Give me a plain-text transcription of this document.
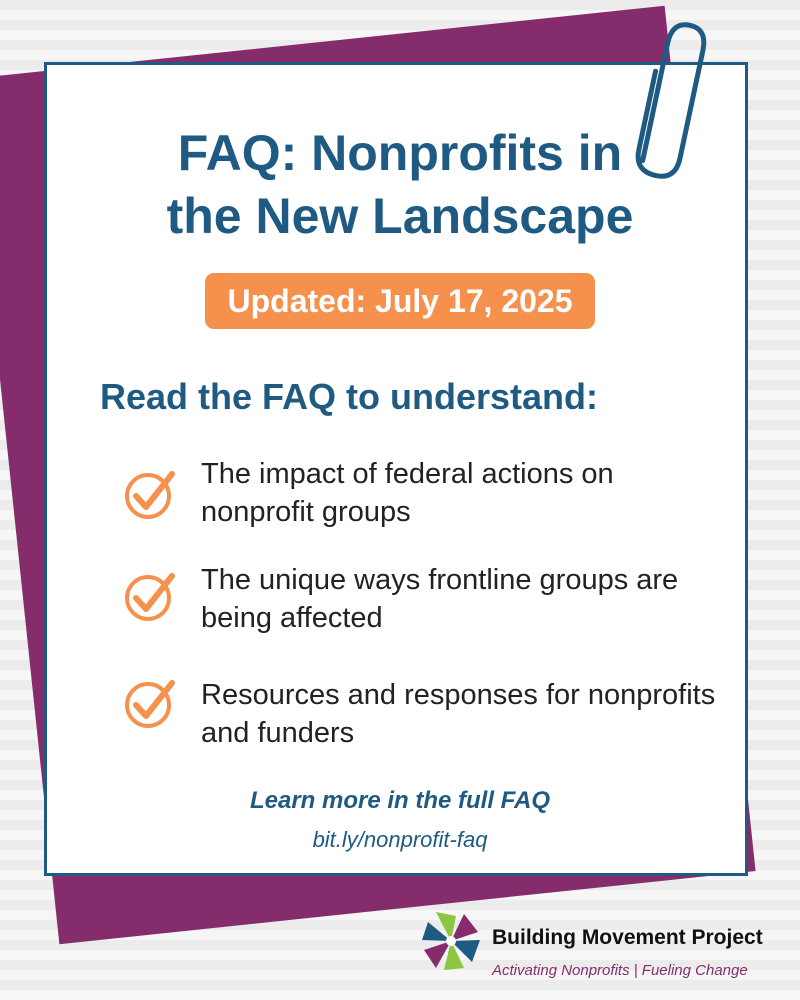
FAQ: Nonprofits in
the New Landscape
Updated: July 17, 2025
Read the FAQ to understand:
The impact of federal actions on nonprofit groups
The unique ways frontline groups are being affected
Resources and responses for nonprofits and funders
Learn more in the full FAQ
bit.ly/nonprofit-faq
Building Movement Project
Activating Nonprofits | Fueling Change
